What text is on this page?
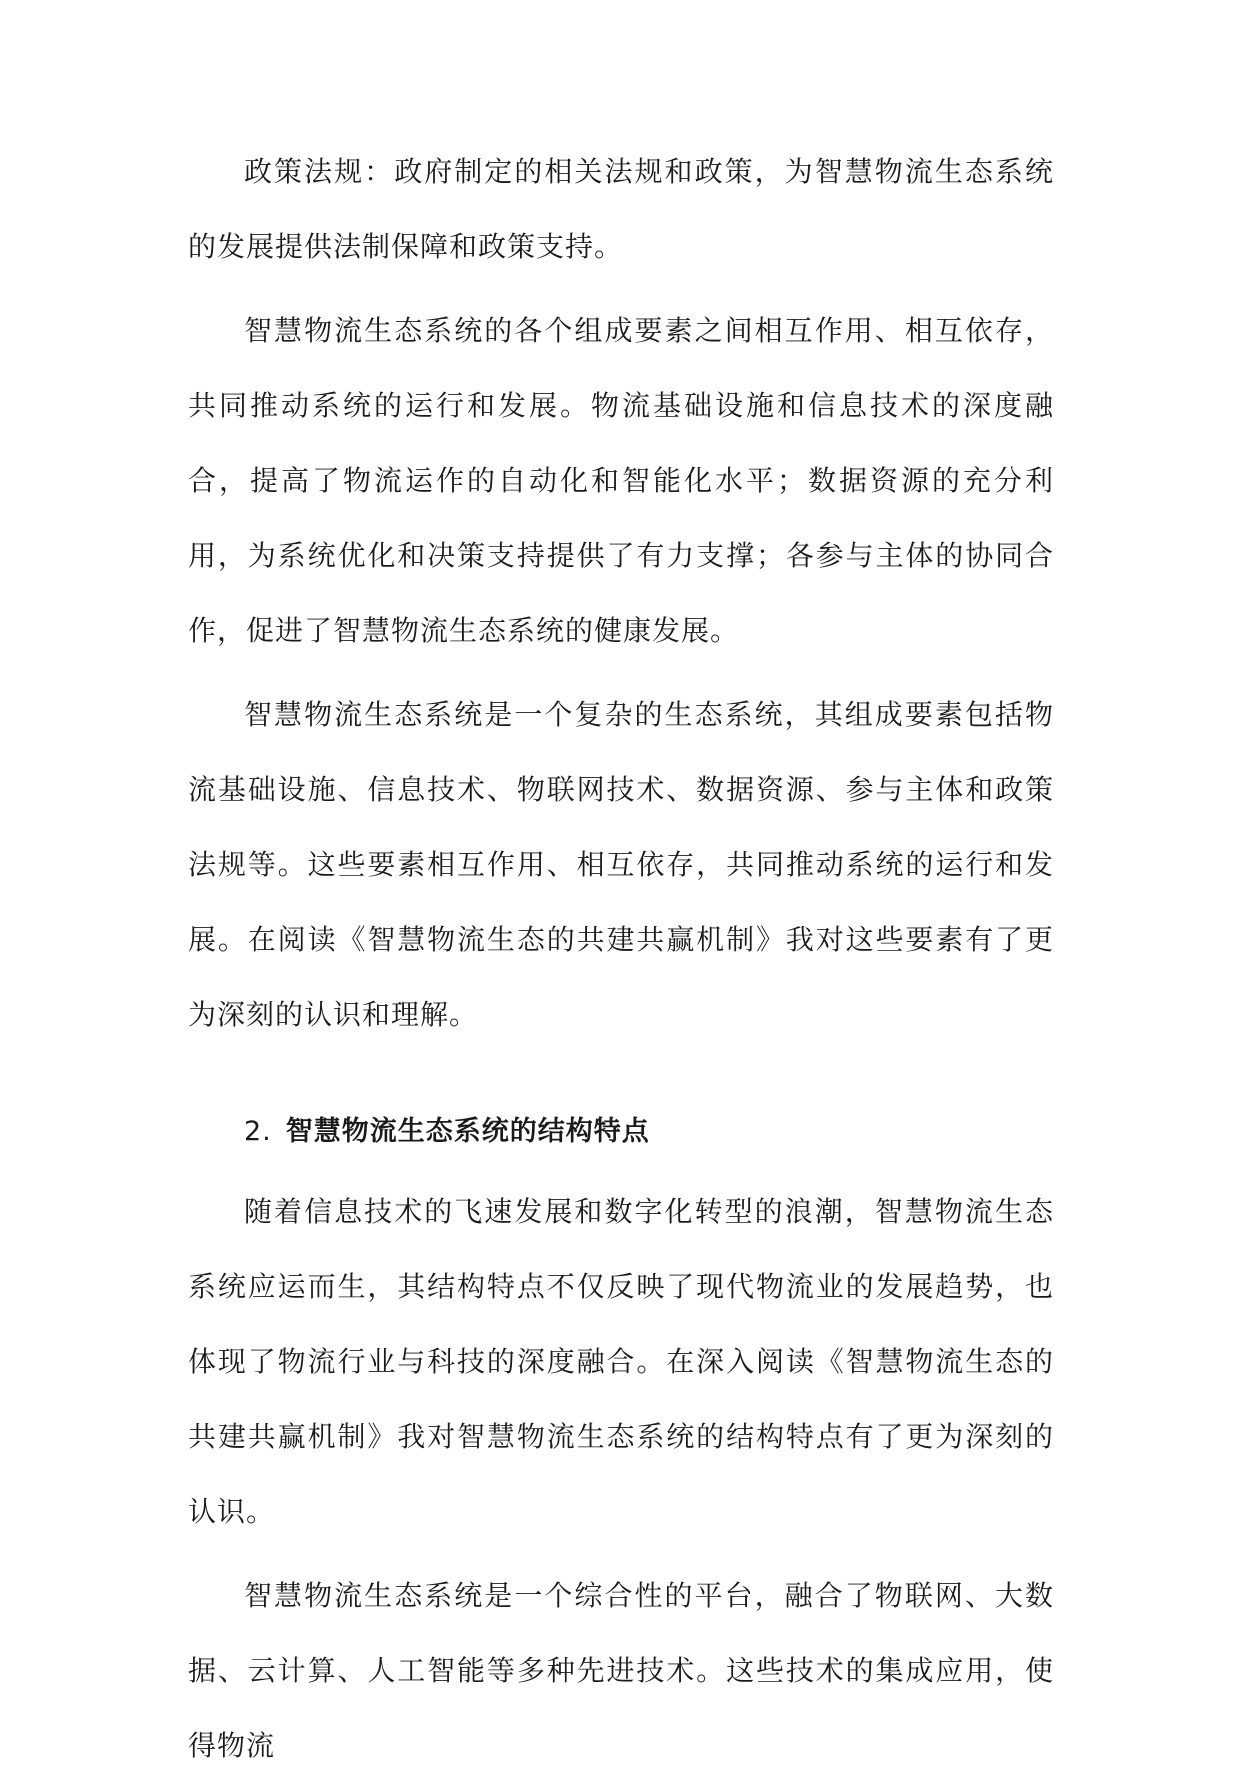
政策法规：政府制定的相关法规和政策，为智慧物流生态系统的发展提供法制保障和政策支持。

智慧物流生态系统的各个组成要素之间相互作用、相互依存，共同推动系统的运行和发展。物流基础设施和信息技术的深度融合，提高了物流运作的自动化和智能化水平；数据资源的充分利用，为系统优化和决策支持提供了有力支撑；各参与主体的协同合作，促进了智慧物流生态系统的健康发展。

智慧物流生态系统是一个复杂的生态系统，其组成要素包括物流基础设施、信息技术、物联网技术、数据资源、参与主体和政策法规等。这些要素相互作用、相互依存，共同推动系统的运行和发展。在阅读《智慧物流生态的共建共赢机制》我对这些要素有了更为深刻的认识和理解。

2. 智慧物流生态系统的结构特点

随着信息技术的飞速发展和数字化转型的浪潮，智慧物流生态系统应运而生，其结构特点不仅反映了现代物流业的发展趋势，也体现了物流行业与科技的深度融合。在深入阅读《智慧物流生态的共建共赢机制》我对智慧物流生态系统的结构特点有了更为深刻的认识。

智慧物流生态系统是一个综合性的平台，融合了物联网、大数据、云计算、人工智能等多种先进技术。这些技术的集成应用，使得物流
